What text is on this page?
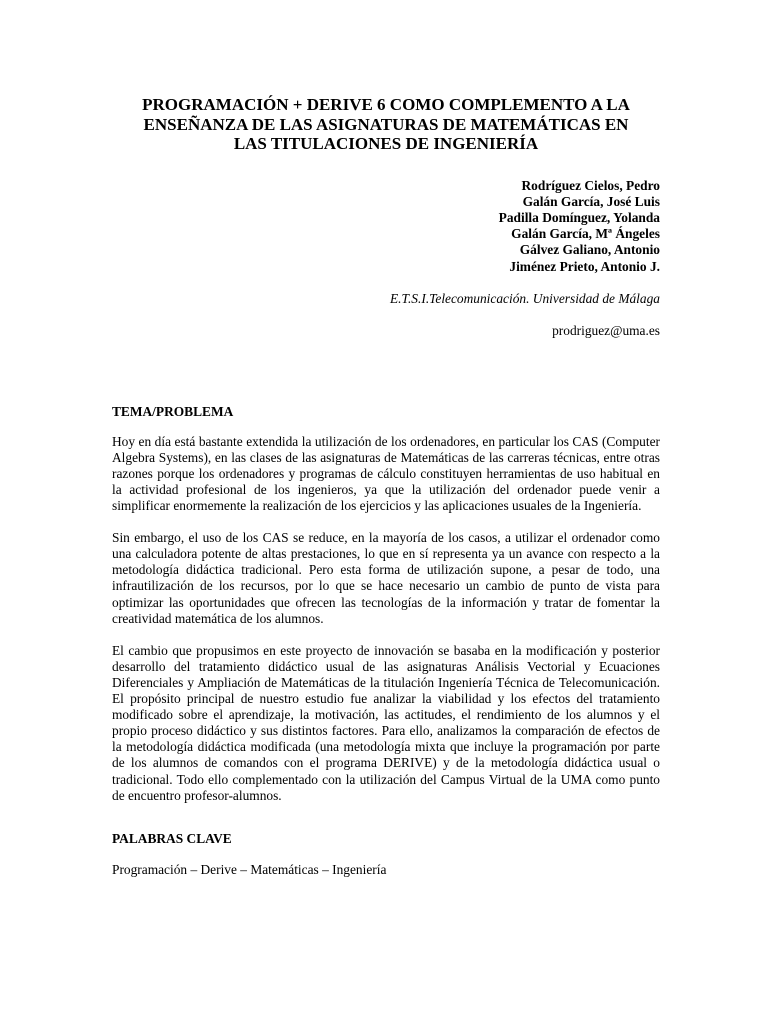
PROGRAMACIÓN + DERIVE 6 COMO COMPLEMENTO A LA
ENSEÑANZA DE LAS ASIGNATURAS DE MATEMÁTICAS EN
LAS TITULACIONES DE INGENIERÍA
Rodríguez Cielos, Pedro
Galán García, José Luis
Padilla Domínguez, Yolanda
Galán García, Mª Ángeles
Gálvez Galiano, Antonio
Jiménez Prieto, Antonio J.
E.T.S.I.Telecomunicación. Universidad de Málaga
prodriguez@uma.es
TEMA/PROBLEMA

Hoy en día está bastante extendida la utilización de los ordenadores, en particular los CAS (Computer Algebra Systems), en las clases de las asignaturas de Matemáticas de las carreras técnicas, entre otras razones porque los ordenadores y programas de cálculo constituyen herramientas de uso habitual en la actividad profesional de los ingenieros, ya que la utilización del ordenador puede venir a simplificar enormemente la realización de los ejercicios y las aplicaciones usuales de la Ingeniería.

Sin embargo, el uso de los CAS se reduce, en la mayoría de los casos, a utilizar el ordenador como una calculadora potente de altas prestaciones, lo que en sí representa ya un avance con respecto a la metodología didáctica tradicional. Pero esta forma de utilización supone, a pesar de todo, una infrautilización de los recursos, por lo que se hace necesario un cambio de punto de vista para optimizar las oportunidades que ofrecen las tecnologías de la información y tratar de fomentar la creatividad matemática de los alumnos.

El cambio que propusimos en este proyecto de innovación se basaba en la modificación y posterior desarrollo del tratamiento didáctico usual de las asignaturas Análisis Vectorial y Ecuaciones Diferenciales y Ampliación de Matemáticas de la titulación Ingeniería Técnica de Telecomunicación. El propósito principal de nuestro estudio fue analizar la viabilidad y los efectos del tratamiento modificado sobre el aprendizaje, la motivación, las actitudes, el rendimiento de los alumnos y el propio proceso didáctico y sus distintos factores. Para ello, analizamos la comparación de efectos de la metodología didáctica modificada (una metodología mixta que incluye la programación por parte de los alumnos de comandos con el programa DERIVE) y de la metodología didáctica usual o tradicional. Todo ello complementado con la utilización del Campus Virtual de la UMA como punto de encuentro profesor-alumnos.

PALABRAS CLAVE
Programación – Derive – Matemáticas – Ingeniería
